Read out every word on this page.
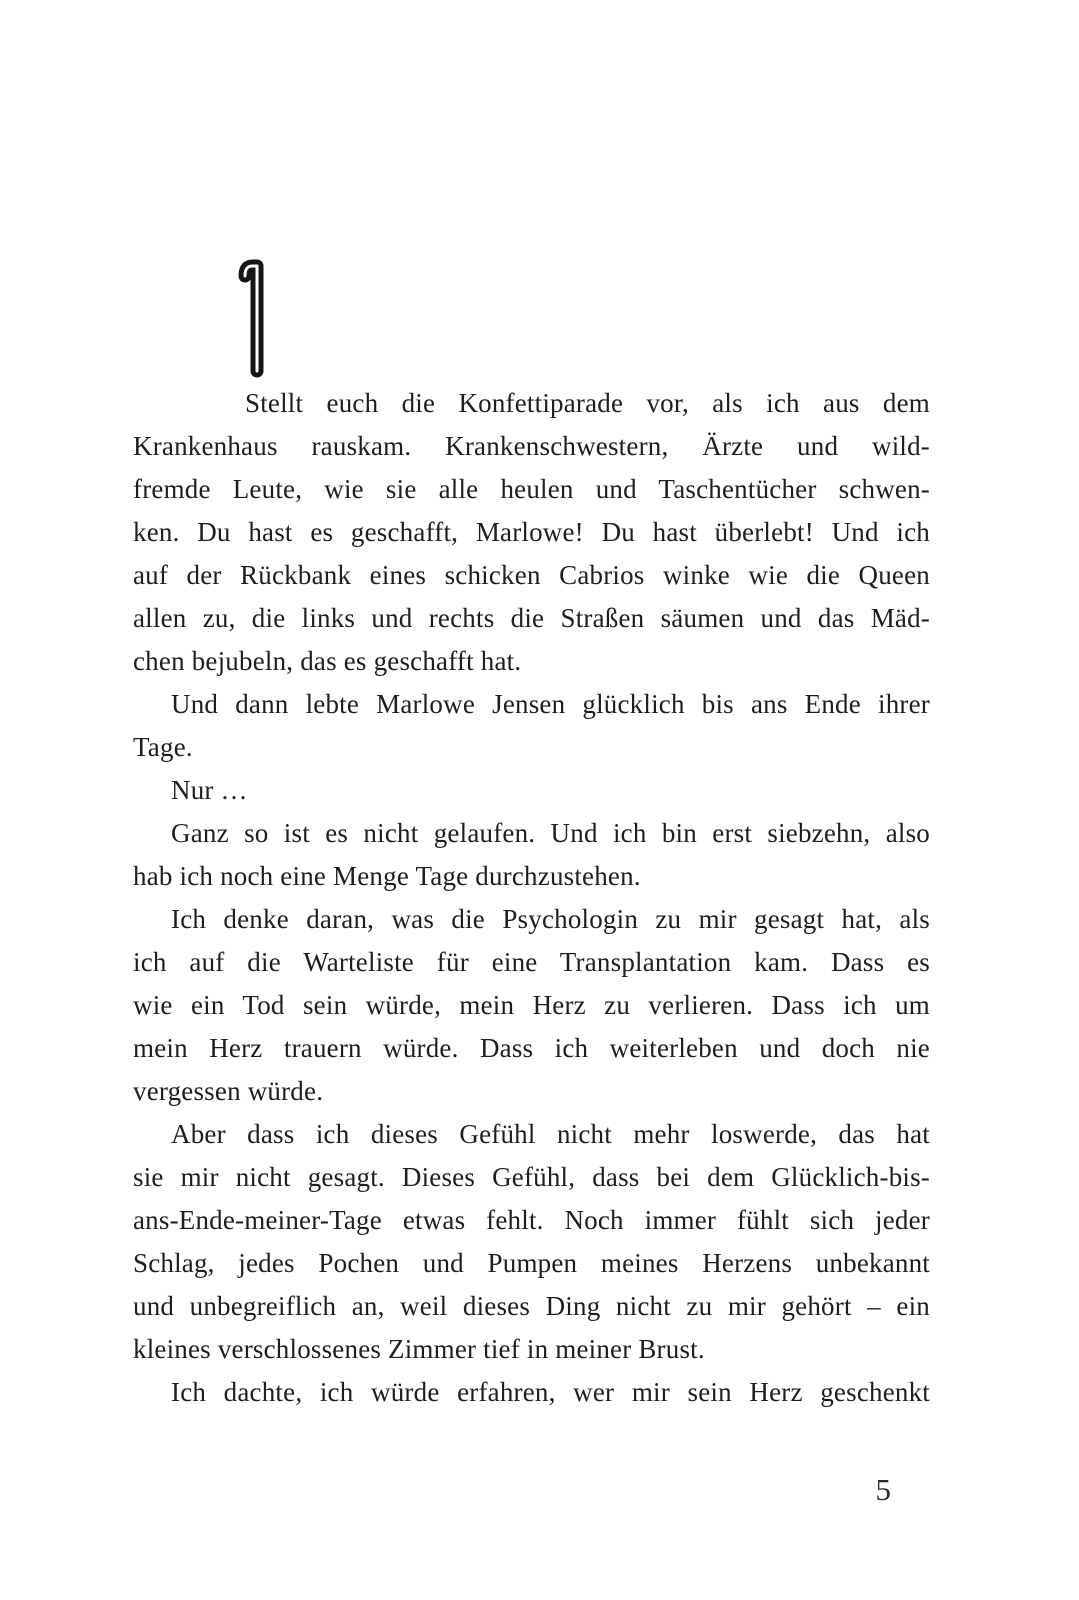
Stellt euch die Konfettiparade vor, als ich aus dem
Krankenhaus rauskam. Krankenschwestern, Ärzte und wild-
fremde Leute, wie sie alle heulen und Taschentücher schwen-
ken. Du hast es geschafft, Marlowe! Du hast überlebt! Und ich
auf der Rückbank eines schicken Cabrios winke wie die Queen
allen zu, die links und rechts die Straßen säumen und das Mäd-
chen bejubeln, das es geschafft hat.
Und dann lebte Marlowe Jensen glücklich bis ans Ende ihrer
Tage.
Nur …
Ganz so ist es nicht gelaufen. Und ich bin erst siebzehn, also
hab ich noch eine Menge Tage durchzustehen.
Ich denke daran, was die Psychologin zu mir gesagt hat, als
ich auf die Warteliste für eine Transplantation kam. Dass es
wie ein Tod sein würde, mein Herz zu verlieren. Dass ich um
mein Herz trauern würde. Dass ich weiterleben und doch nie
vergessen würde.
Aber dass ich dieses Gefühl nicht mehr loswerde, das hat
sie mir nicht gesagt. Dieses Gefühl, dass bei dem Glücklich-bis-
ans-Ende-meiner-Tage etwas fehlt. Noch immer fühlt sich jeder
Schlag, jedes Pochen und Pumpen meines Herzens unbekannt
und unbegreiflich an, weil dieses Ding nicht zu mir gehört – ein
kleines verschlossenes Zimmer tief in meiner Brust.
Ich dachte, ich würde erfahren, wer mir sein Herz geschenkt
5
